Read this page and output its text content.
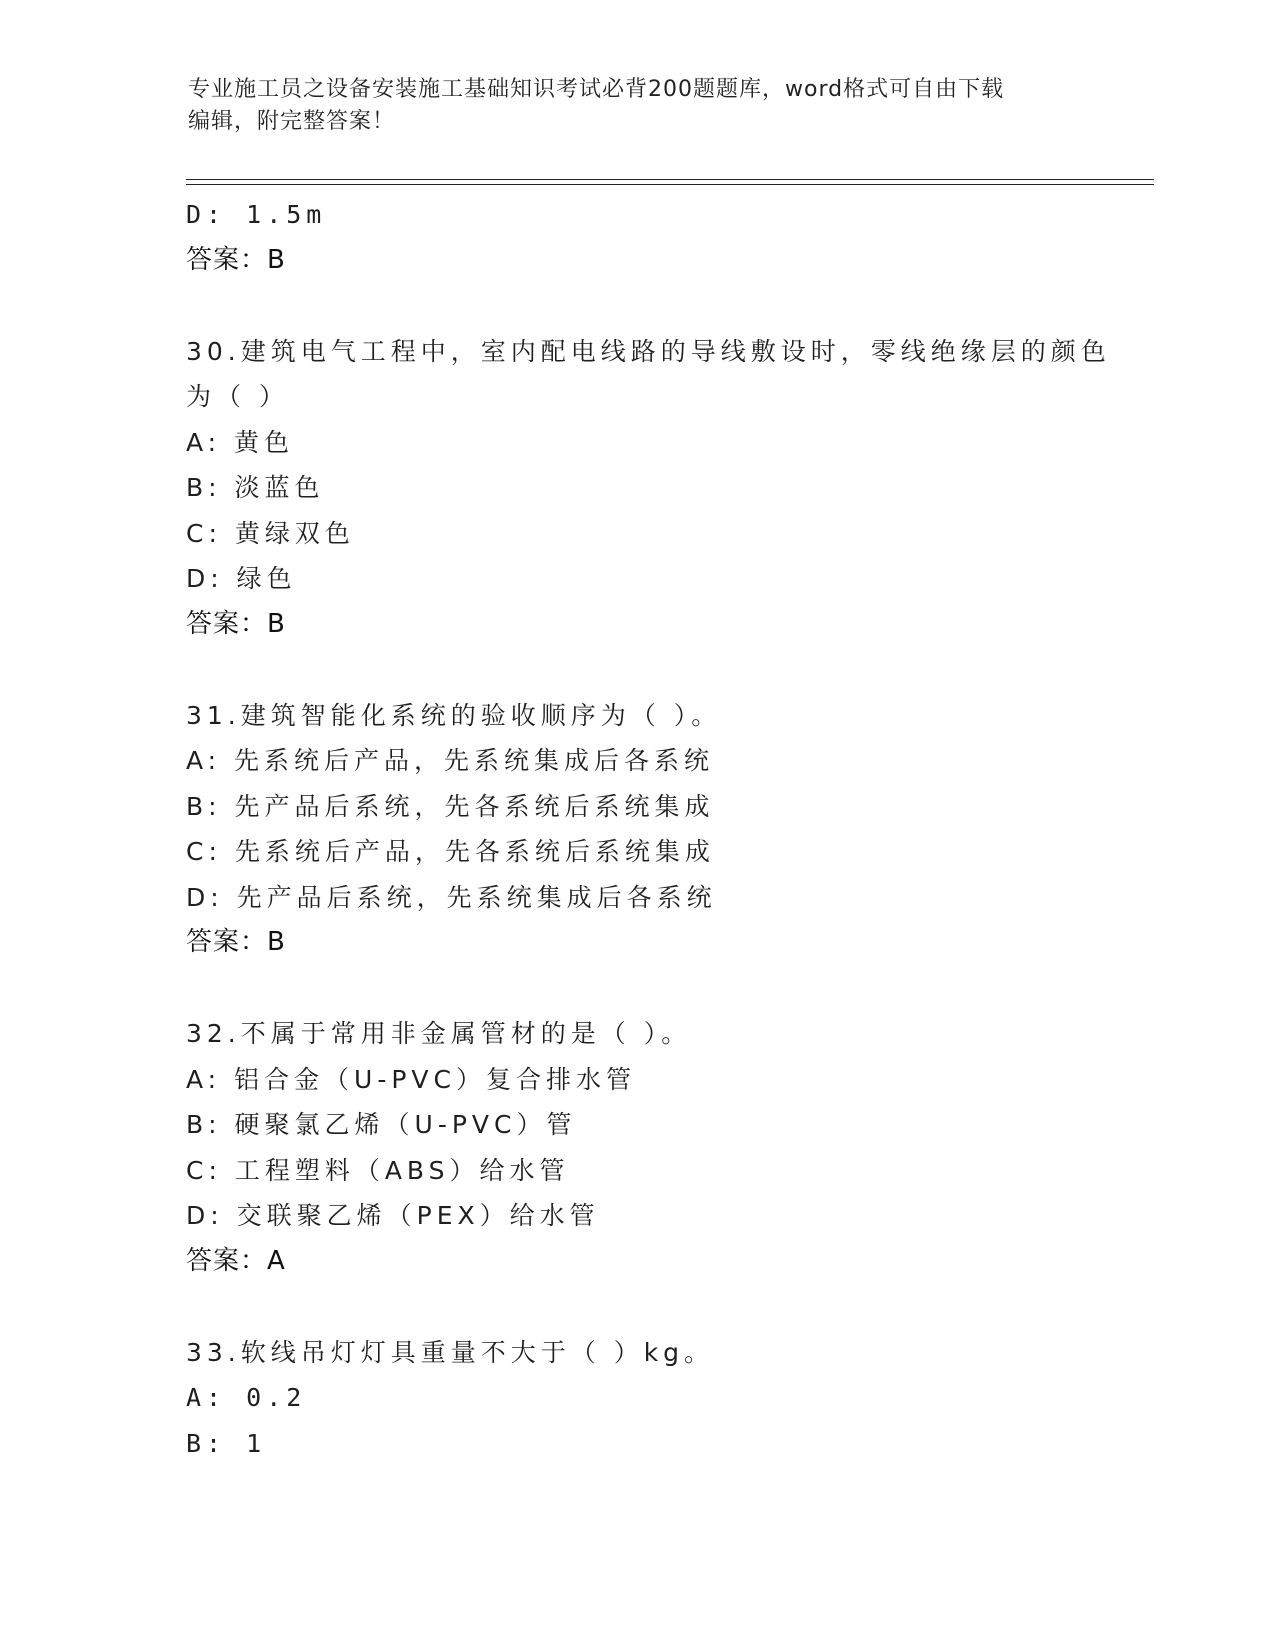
专业施工员之设备安装施工基础知识考试必背200题题库，word格式可自由下载
编辑，附完整答案！
D: 1.5m
答案：B
30.建筑电气工程中，室内配电线路的导线敷设时，零线绝缘层的颜色
为（ ）
A: 黄色
B: 淡蓝色
C: 黄绿双色
D: 绿色
答案：B
31.建筑智能化系统的验收顺序为（ ）。
A: 先系统后产品，先系统集成后各系统
B: 先产品后系统，先各系统后系统集成
C: 先系统后产品，先各系统后系统集成
D: 先产品后系统，先系统集成后各系统
答案：B
32.不属于常用非金属管材的是（ ）。
A: 铝合金（U-PVC）复合排水管
B: 硬聚氯乙烯（U-PVC）管
C: 工程塑料（ABS）给水管
D: 交联聚乙烯（PEX）给水管
答案：A
33.软线吊灯灯具重量不大于（ ）kg。
A: 0.2
B: 1
